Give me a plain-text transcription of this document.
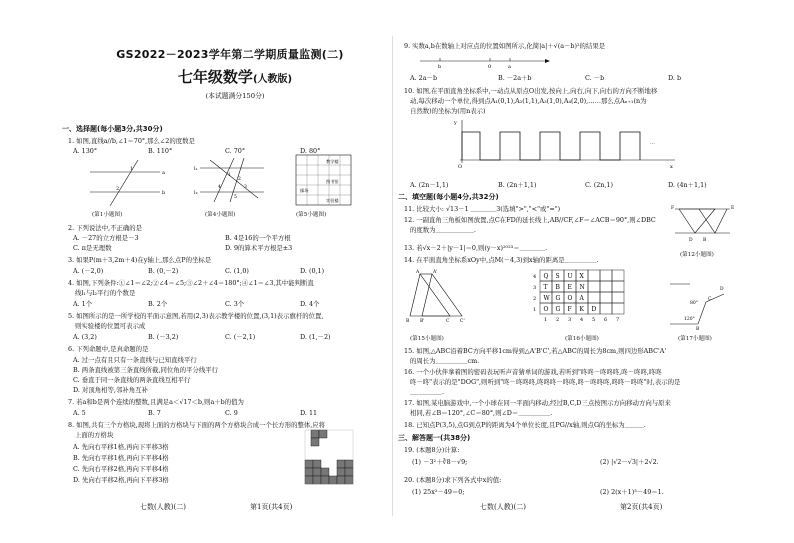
GS2022－2023学年第二学期质量监测(二)
七年级数学(人教版)
(本试题满分150分)
一、选择题(每小题3分,共30分)
1. 如图,直线a//b,∠1＝70°,那么∠2的度数是
A. 130°	B. 110°	C. 70°	D. 80°
a
b
1
2
(第1小题图)
l₁
l₂
1
2
3
4
5
(第4小题图)
教学楼
图书馆
操场
实验楼
(第5小题图)
2. 下列说法中,不正确的是
A. －27的立方根是－3	B. 4是16的一个平方根
C. π是无理数	D. 9的算术平方根是±3
3. 如果P(m＋3,2m＋4)在y轴上,那么点P的坐标是
A. (－2,0)	B. (0,－2)	C. (1,0)	D. (0,1)
4. 如图,下列条件:①∠1＝∠2;②∠4＝∠5;③∠2＋∠4＝180°;④∠1＝∠3,其中能判断直
线l₁与l₂平行的个数是
A. 1个	B. 2个	C. 3个	D. 4个
5. 如图所示的是一所学校的平面示意图,若用(2,3)表示教学楼的位置,(3,1)表示旗杆的位置,
则实验楼的位置可表示成
A. (3,2)	B. (－3,2)	C. (－2,1)	D. (1,－2)
6. 下列命题中,是真命题的是
A. 过一点有且只有一条直线与已知直线平行
B. 两条直线被第三条直线所截,同位角的平分线平行
C. 垂直于同一条直线的两条直线互相平行
D. 对顶角相等,邻补角互补
7. 若a和b是两个连续的整数,且满足a＜√17＜b,则a＋b的值为
A. 5	B. 7	C. 9	D. 11
8. 如图,共有三个方格块,现将上面的方格块与下面的两个方格块合成一个长方形的整体,应将
上面的方格块
A. 先向右平移1格,再向下平移3格
B. 先向右平移1格,再向下平移4格
C. 先向右平移2格,再向下平移4格
D. 先向右平移2格,再向下平移3格
七数(人教)(二)	第1页(共4页)
9. 实数a,b在数轴上对应点的位置如图所示,化简|a|＋√(a－b)²的结果是
b	0	a
A. 2a－b	B. －2a＋b	C. －b	D. b
10. 如图,在平面直角坐标系中,一动点从原点O出发,按向上,向右,向下,向右的方向不断地移
动,每次移动一个单位,得到点A₁(0,1),A₂(1,1),A₃(1,0),A₄(2,0),……那么点Aₙ₊₁(n为
自然数)的坐标为(用n表示)
…
O	x
y
A. (2n－1,1)	B. (2n＋1,1)	C. (2n,1)	D. (4n＋1,1)
二、填空题(每小题4分,共32分)
11. 比较大小: √13－1 ＿＿＿＿3(选填">","<"或"=")
12. 一副直角三角板如图放置,点C在FD的延长线上,AB//CF,∠F＝∠ACB＝90°,则∠DBC
的度数为＿＿＿＿＿＿.
F	E
D B
(第12小题图)
13. 若√x－2＋|y－1|＝0,则(y－x)²⁰²³＝＿＿＿＿.
14. 在平面直角坐标系xOy中,点M(－4,3)到x轴的距离是＿＿＿＿＿.
A	A'
B B'	C C'
(第15小题图)
Q S U X
4
T B E N
3
W G O A
2
O G F K D
1
1 2 3 4 5 6 7
(第16小题图)
80°
120°
C
B
D
(第17小题图)
15. 如图,△ABC沿着BC方向平移1cm得到△A'B'C',若△ABC的周长为8cm,则四边形ABC'A'
的周长为＿＿＿＿＿cm.
16. 一个小伙伴拿着图的密码表玩听声音猜单词的游戏,若听到"咚咚－咚咚咚,咚－咚咚,咚咚
咚－咚"表示的是"DOG",则听到"咚－咚咚咚,咚咚咚－咚咚,咚－咚咚咚,咚咚－咚咚"时,表示的是
＿＿＿＿＿.
17. 如图,某电脑游戏中,一个小球在同一平面内移动,经过B,C,D三点按图示方向移动方向与原来
相同,若∠B＝120°,∠C＝80°,则∠D＝＿＿＿＿＿.
18. 已知点P(3,5),点G到点P的距离为4个单位长度,且PG//x轴,则点G的坐标为＿＿＿.
三、解答题一(共38分)
19. (本题8分)计算:
(1) －3²＋∛8－√9;	(2) |√2－√3|＋2√2.
20. (本题8分)求下列各式中x的值:
(1) 25x²－49＝0;	(2) 2(x＋1)³－49＝1.
七数(人教)(二)	第2页(共4页)
